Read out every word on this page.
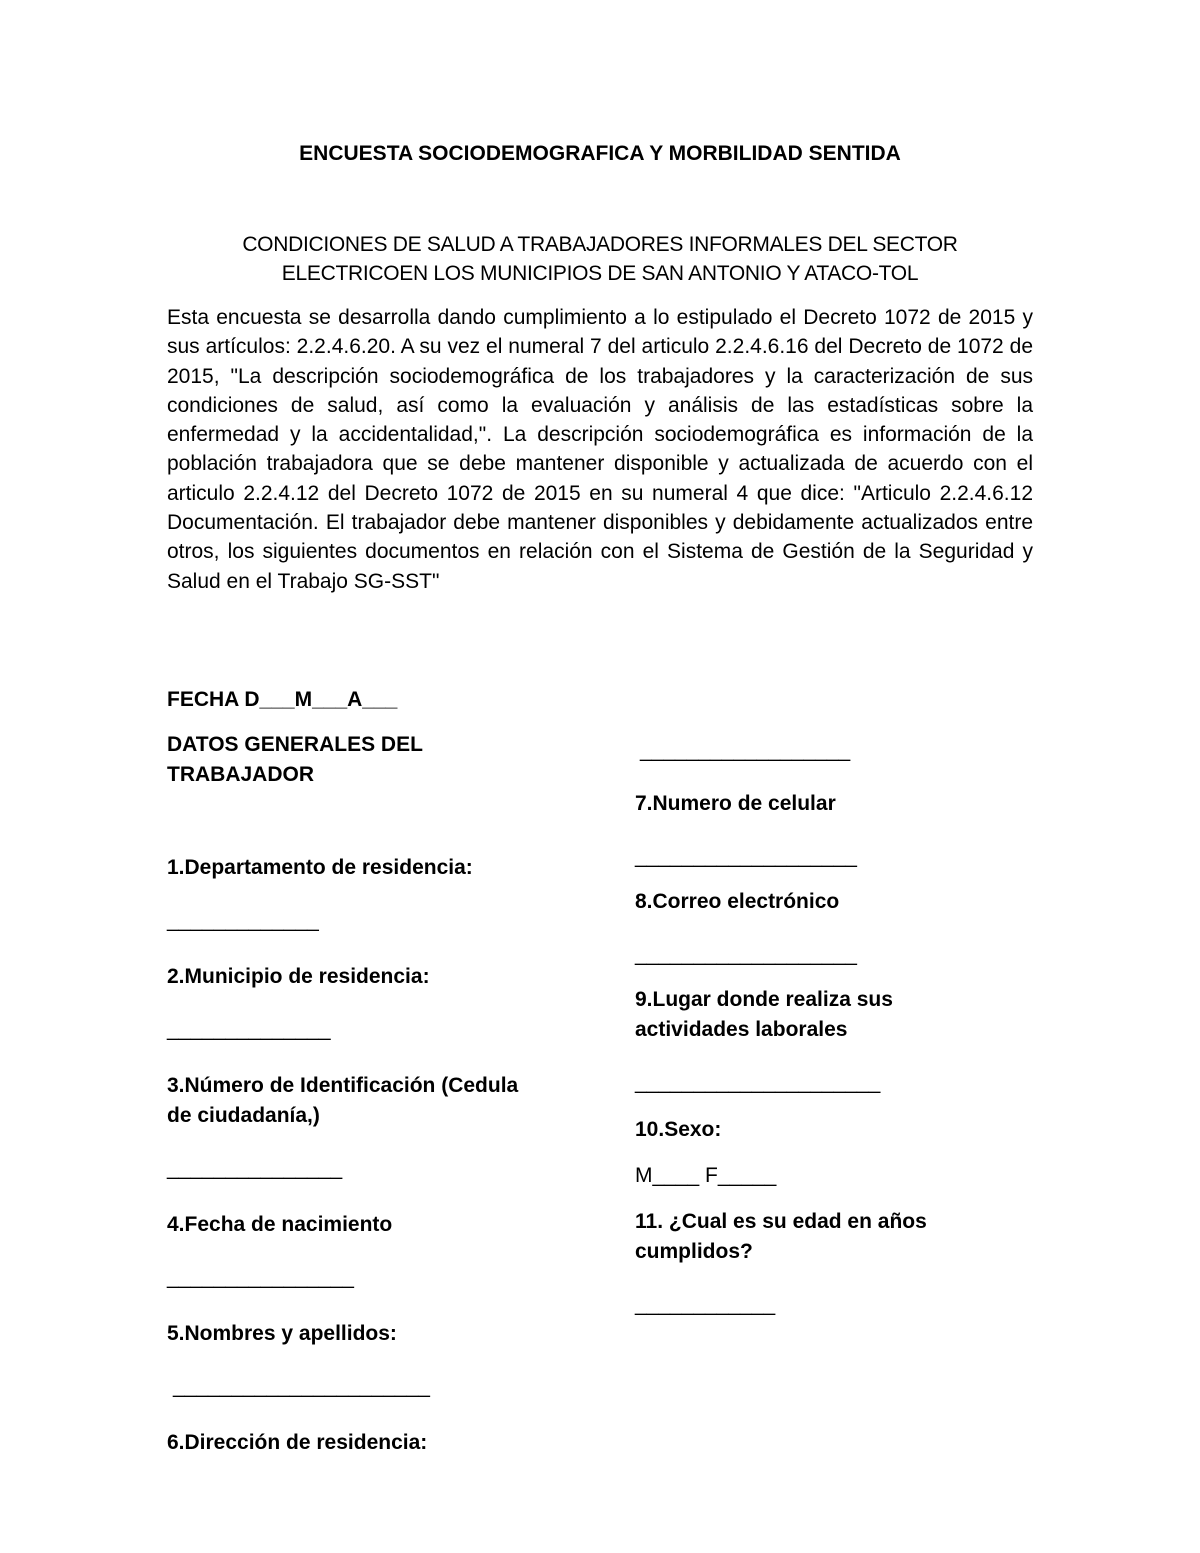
ENCUESTA SOCIODEMOGRAFICA Y MORBILIDAD SENTIDA
CONDICIONES DE SALUD A TRABAJADORES INFORMALES DEL SECTOR
ELECTRICOEN LOS MUNICIPIOS DE SAN ANTONIO Y ATACO-TOL

Esta encuesta se desarrolla dando cumplimiento a lo estipulado el Decreto 1072 de 2015 y sus artículos: 2.2.4.6.20. A su vez el numeral 7 del articulo 2.2.4.6.16 del Decreto de 1072 de 2015, "La descripción sociodemográfica de los trabajadores y la caracterización de sus condiciones de salud, así como la evaluación y análisis de las estadísticas sobre la enfermedad y la accidentalidad,". La descripción sociodemográfica es información de la población trabajadora que se debe mantener disponible y actualizada de acuerdo con el articulo 2.2.4.12 del Decreto 1072 de 2015 en su numeral 4 que dice: "Articulo 2.2.4.6.12 Documentación. El trabajador debe mantener disponibles y debidamente actualizados entre otros, los siguientes documentos en relación con el Sistema de Gestión de la Seguridad y Salud en el Trabajo SG-SST"

FECHA D___M___A___
DATOS GENERALES DEL
TRABAJADOR
1.Departamento de residencia:
_____________
2.Municipio de residencia:
______________
3.Número de Identificación (Cedula
de ciudadanía,)
_______________
4.Fecha de nacimiento
________________
5.Nombres y apellidos:
______________________
6.Dirección de residencia:
__________________
7.Numero de celular
___________________
8.Correo electrónico
___________________
9.Lugar donde realiza sus
actividades laborales
_____________________
10.Sexo:
M____ F_____
11. ¿Cual es su edad en años
cumplidos?
____________
